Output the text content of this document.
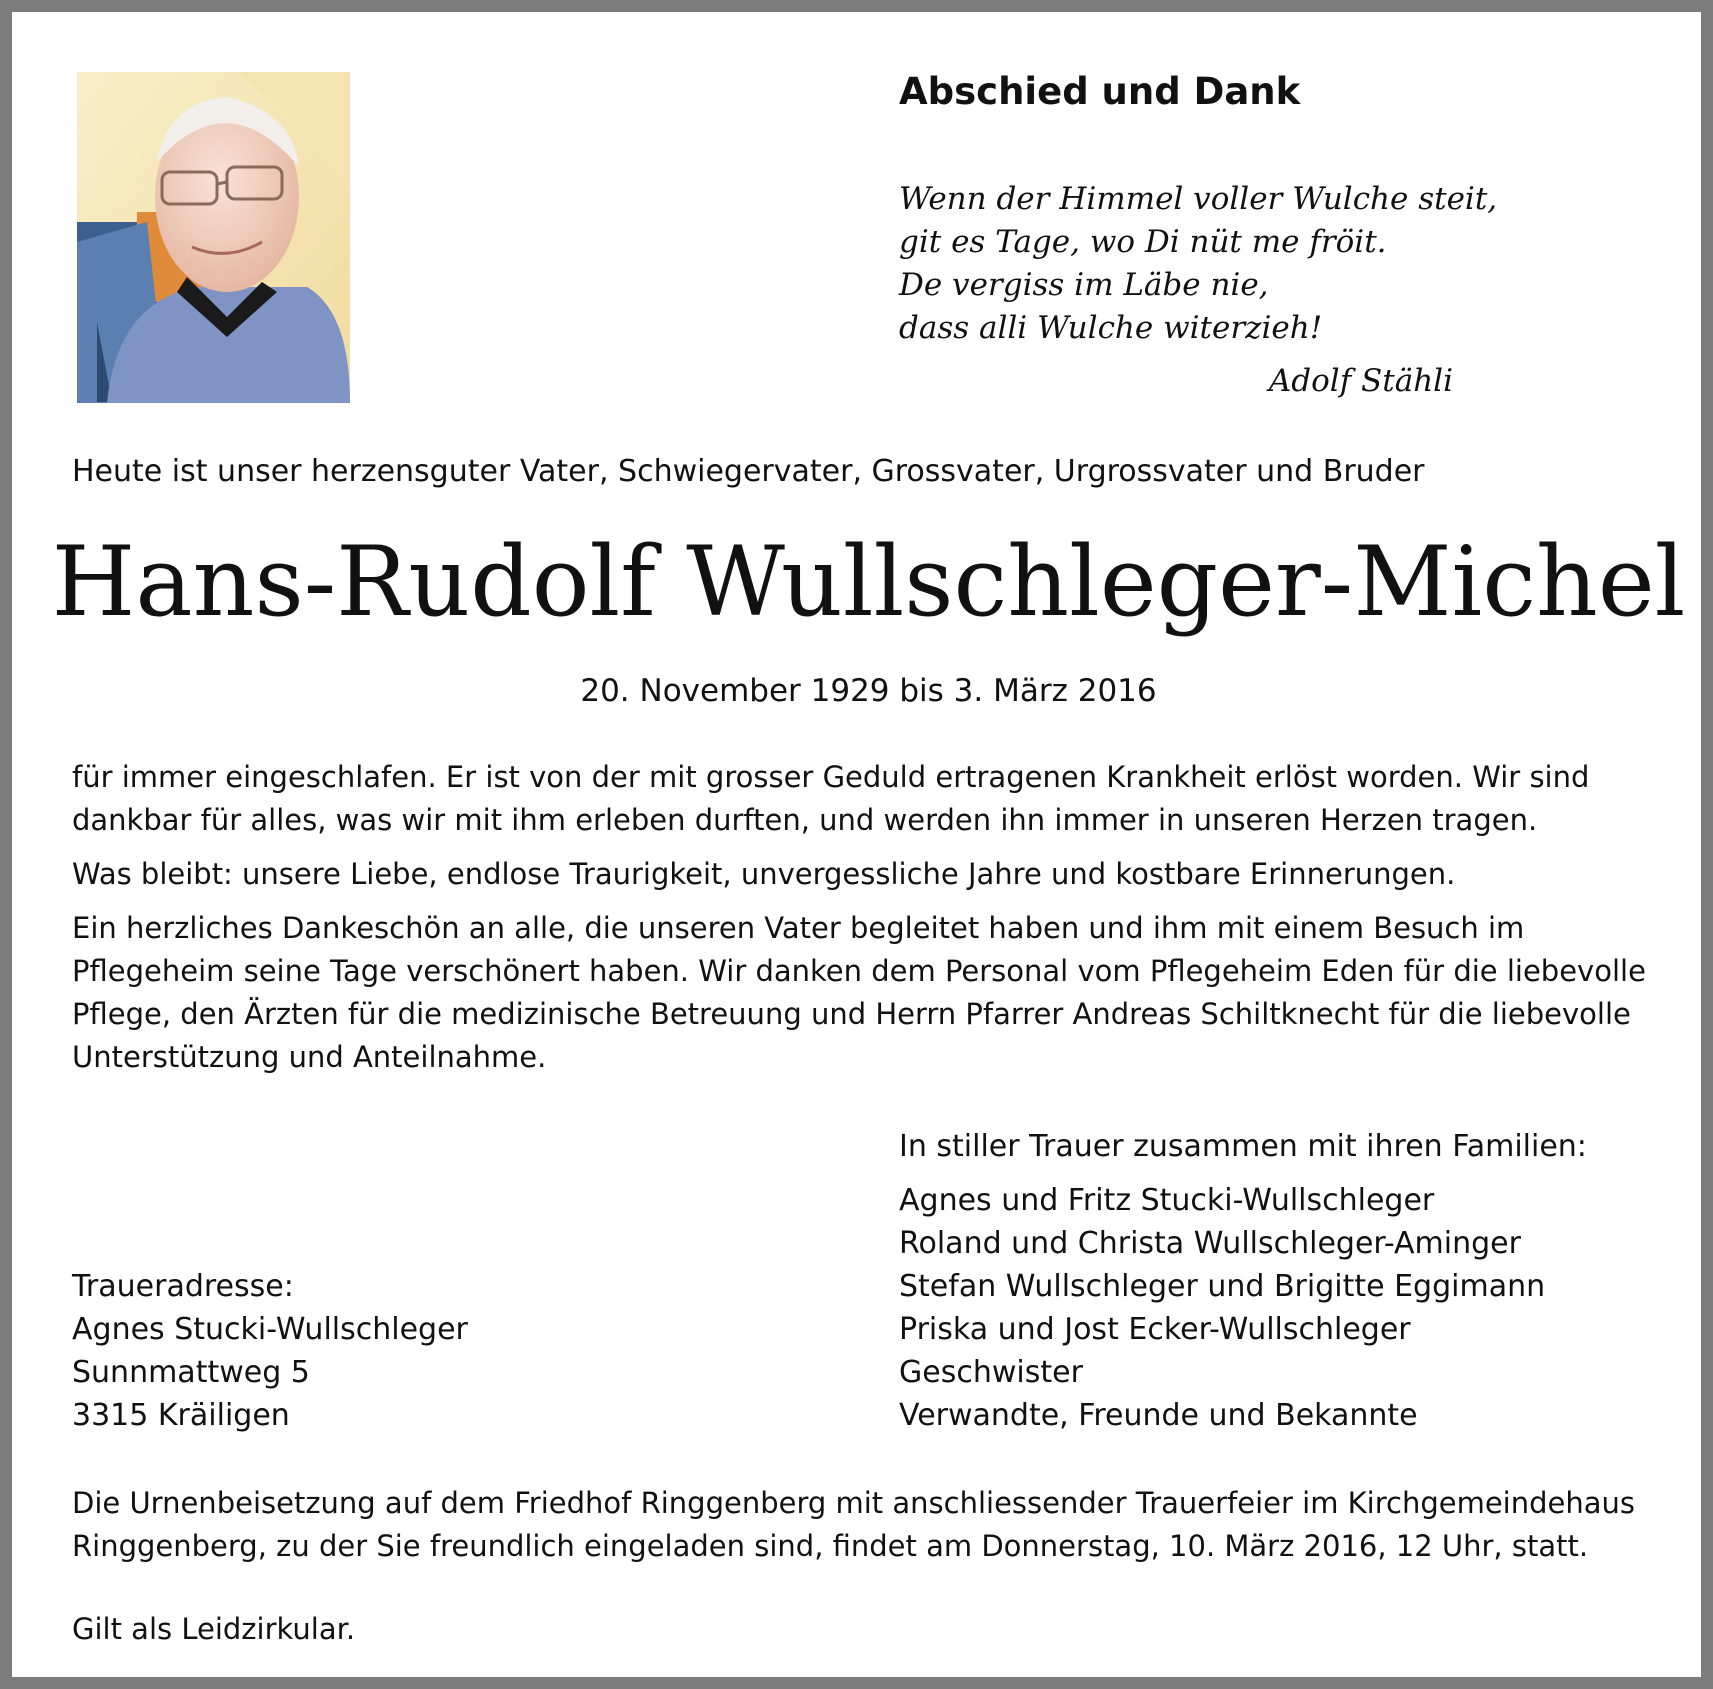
Abschied und Dank
Wenn der Himmel voller Wulche steit,
git es Tage, wo Di nüt me fröit.
De vergiss im Läbe nie,
dass alli Wulche witerzieh!
Adolf Stähli
Heute ist unser herzensguter Vater, Schwiegervater, Grossvater, Urgrossvater und Bruder
Hans-Rudolf Wullschleger-Michel
20. November 1929 bis 3. März 2016

für immer eingeschlafen. Er ist von der mit grosser Geduld ertragenen Krankheit erlöst worden. Wir sind dankbar für alles, was wir mit ihm erleben durften, und werden ihn immer in unseren Herzen tragen.

Was bleibt: unsere Liebe, endlose Traurigkeit, unvergessliche Jahre und kostbare Erinnerungen.

Ein herzliches Dankeschön an alle, die unseren Vater begleitet haben und ihm mit einem Besuch im Pflegeheim seine Tage verschönert haben. Wir danken dem Personal vom Pflegeheim Eden für die liebevolle Pflege, den Ärzten für die medizinische Betreuung und Herrn Pfarrer Andreas Schiltknecht für die liebevolle Unterstützung und Anteilnahme.

In stiller Trauer zusammen mit ihren Familien:
Agnes und Fritz Stucki-Wullschleger
Roland und Christa Wullschleger-Aminger
Stefan Wullschleger und Brigitte Eggimann
Priska und Jost Ecker-Wullschleger
Geschwister
Verwandte, Freunde und Bekannte
Traueradresse:
Agnes Stucki-Wullschleger
Sunnmattweg 5
3315 Kräiligen
Die Urnenbeisetzung auf dem Friedhof Ringgenberg mit anschliessender Trauerfeier im Kirchgemeindehaus Ringgenberg, zu der Sie freundlich eingeladen sind, findet am Donnerstag, 10. März 2016, 12 Uhr, statt.
Gilt als Leidzirkular.
